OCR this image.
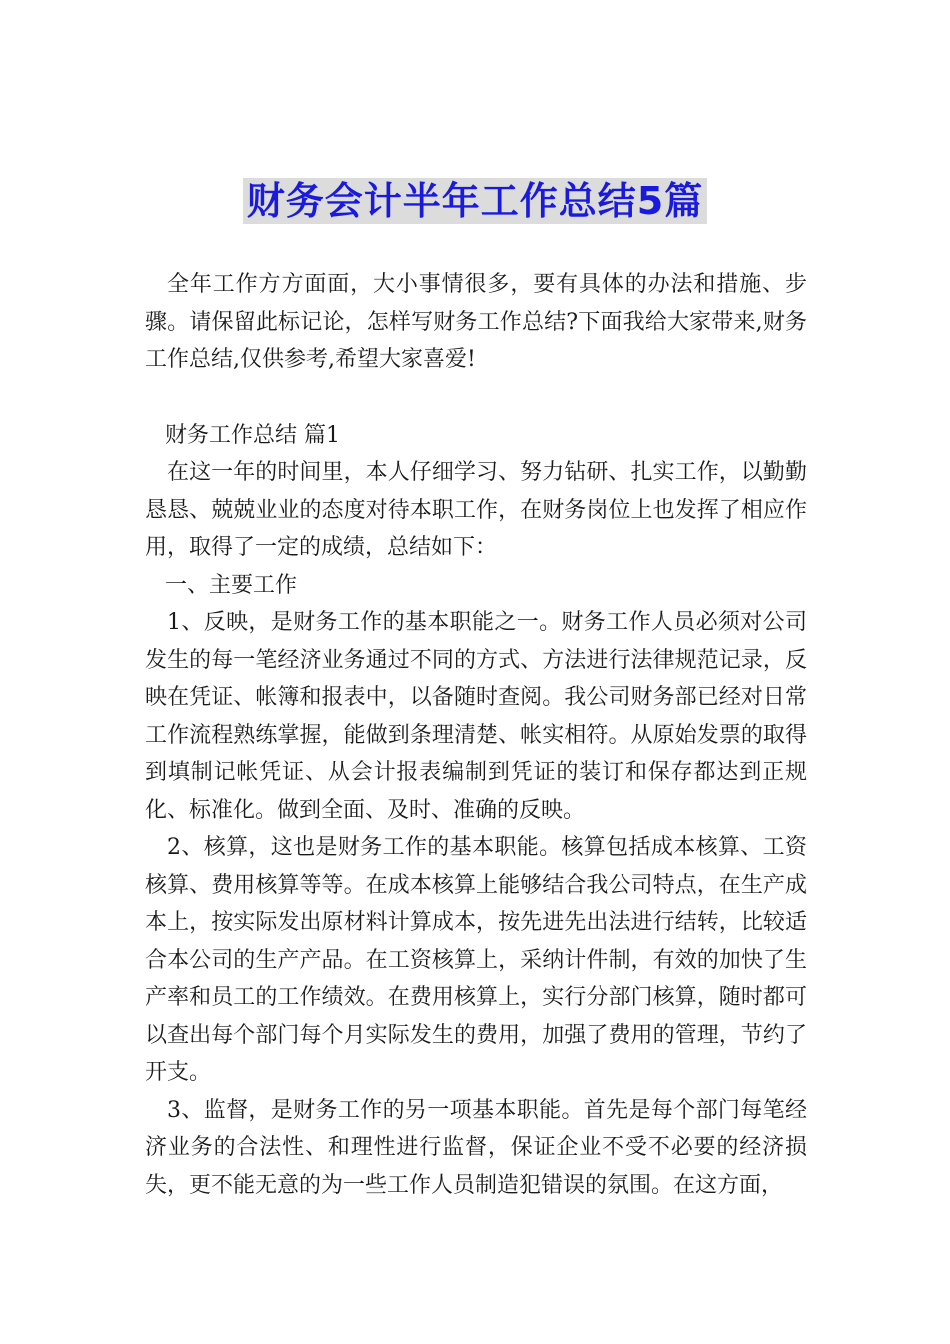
财务会计半年工作总结5篇

全年工作方方面面，大小事情很多，要有具体的办法和措施、步骤。请保留此标记论，怎样写财务工作总结?下面我给大家带来,财务工作总结,仅供参考,希望大家喜爱!

财务工作总结 篇1

在这一年的时间里，本人仔细学习、努力钻研、扎实工作，以勤勤恳恳、兢兢业业的态度对待本职工作，在财务岗位上也发挥了相应作用，取得了一定的成绩，总结如下：

一、主要工作

1、反映，是财务工作的基本职能之一。财务工作人员必须对公司发生的每一笔经济业务通过不同的方式、方法进行法律规范记录，反映在凭证、帐簿和报表中，以备随时查阅。我公司财务部已经对日常工作流程熟练掌握，能做到条理清楚、帐实相符。从原始发票的取得到填制记帐凭证、从会计报表编制到凭证的装订和保存都达到正规化、标准化。做到全面、及时、准确的反映。

2、核算，这也是财务工作的基本职能。核算包括成本核算、工资核算、费用核算等等。在成本核算上能够结合我公司特点，在生产成本上，按实际发出原材料计算成本，按先进先出法进行结转，比较适合本公司的生产产品。在工资核算上，采纳计件制，有效的加快了生产率和员工的工作绩效。在费用核算上，实行分部门核算，随时都可以查出每个部门每个月实际发生的费用，加强了费用的管理，节约了开支。

3、监督，是财务工作的另一项基本职能。首先是每个部门每笔经济业务的合法性、和理性进行监督，保证企业不受不必要的经济损失，更不能无意的为一些工作人员制造犯错误的氛围。在这方面，
